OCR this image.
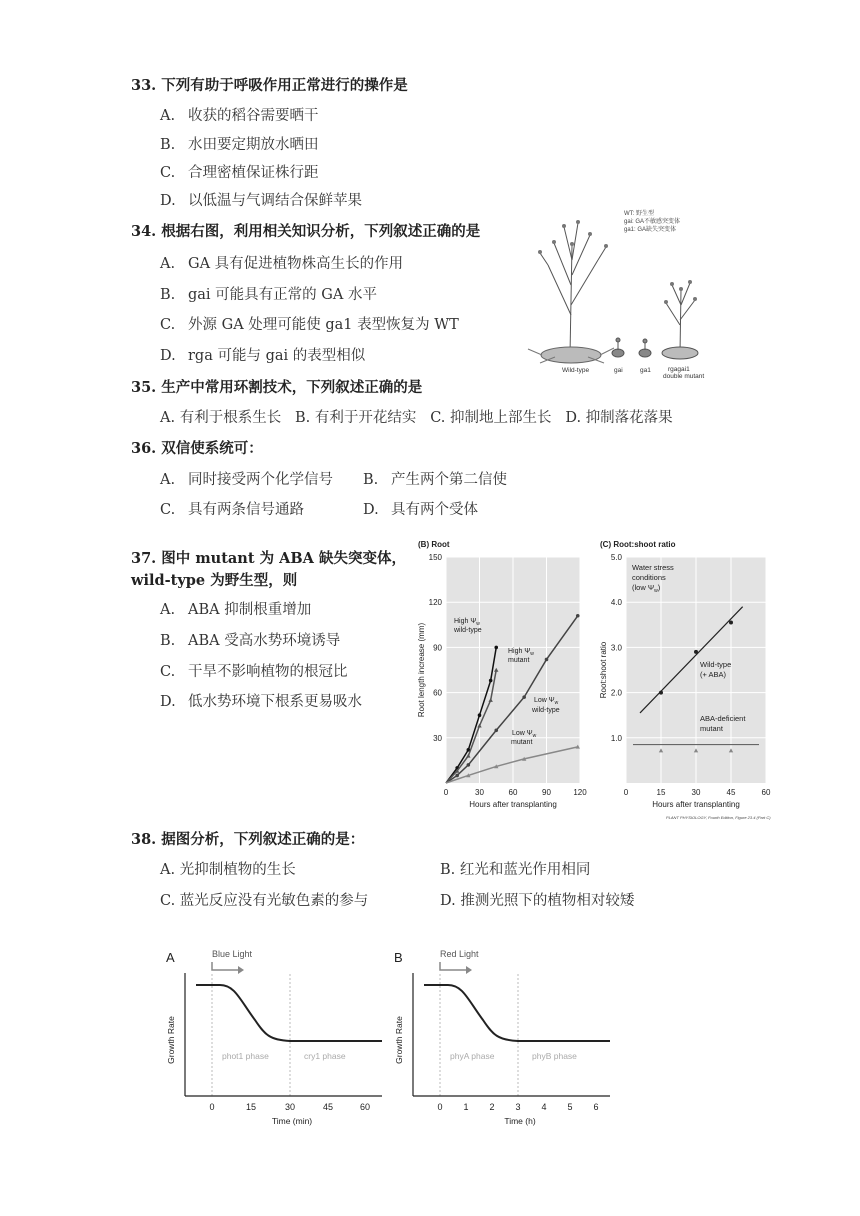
33. 下列有助于呼吸作用正常进行的操作是
A. 收获的稻谷需要晒干
B. 水田要定期放水晒田
C. 合理密植保证株行距
D. 以低温与气调结合保鲜苹果
34. 根据右图，利用相关知识分析，下列叙述正确的是
A. GA 具有促进植物株高生长的作用
B. gai 可能具有正常的 GA 水平
C. 外源 GA 处理可能使 ga1 表型恢复为 WT
D. rga 可能与 gai 的表型相似
WT: 野生型
gai: GA不敏感突变体
ga1: GA缺失突变体
Wild-type	gai	ga1	rgagai1
double mutant
35. 生产中常用环割技术，下列叙述正确的是
A. 有利于根系生长 B. 有利于开花结实 C. 抑制地上部生长 D. 抑制落花落果
36. 双信使系统可：
A. 同时接受两个化学信号 B. 产生两个第二信使
C. 具有两条信号通路	D. 具有两个受体
37. 图中 mutant 为 ABA 缺失突变体，
wild-type 为野生型，则
A. ABA 抑制根重增加
B. ABA 受高水势环境诱导
C. 干旱不影响植物的根冠比
D. 低水势环境下根系更易吸水
(B) Root
30
60
90
120
150
0	30	60	90	120
Root length increase (mm)
Hours after transplanting
High $\Psi_w$
wild-type
High $\Psi_w$
mutant
Low $\Psi_w$
wild-type
Low $\Psi_w$
mutant
(C) Root:shoot ratio
1.0
2.0
3.0
4.0
5.0
0	15	30	45	60
Root:shoot ratio
Hours after transplanting
Water stress
conditions
(low $\Psi_w$)
Wild-type
(+ ABA)
ABA-deficient
mutant
PLANT PHYSIOLOGY, Fourth Edition, Figure 23.4 (Part C)
38. 据图分析，下列叙述正确的是：
A. 光抑制植物的生长	B. 红光和蓝光作用相同
C. 蓝光反应没有光敏色素的参与	D. 推测光照下的植物相对较矮
A	Blue Light
phot1 phase	cry1 phase
Growth Rate
0	15	30	45	60
Time (min)
B	Red Light
phyA phase	phyB phase
Growth Rate
0 1 2 3 4 5 6
Time (h)
